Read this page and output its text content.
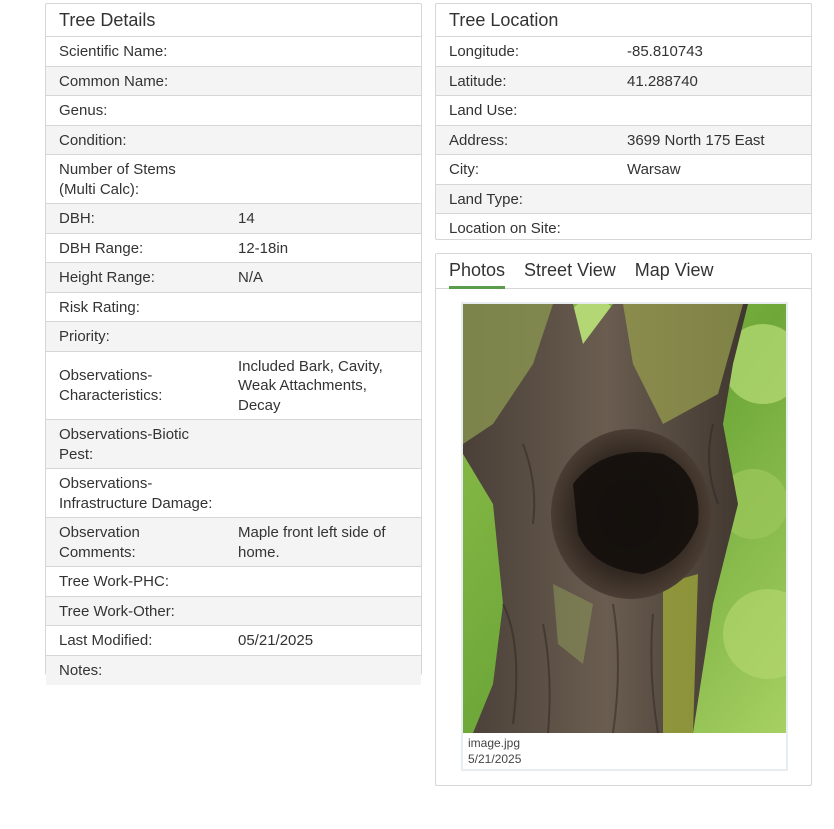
Tree Details
Scientific Name:
Common Name:
Genus:
Condition:
Number of Stems (Multi Calc):
DBH:	14
DBH Range:	12-18in
Height Range:	N/A
Risk Rating:
Priority:
Observations-Characteristics:
Included Bark, Cavity, Weak Attachments, Decay
Observations-Biotic Pest:
Observations-Infrastructure Damage:
Observation Comments:
Maple front left side of home.
Tree Work-PHC:
Tree Work-Other:
Last Modified:	05/21/2025
Notes:
Tree Location
Longitude:	-85.810743
Latitude:	41.288740
Land Use:
Address:	3699 North 175 East
City:	Warsaw
Land Type:
Location on Site:
Photos Street View Map View
image.jpg
5/21/2025
